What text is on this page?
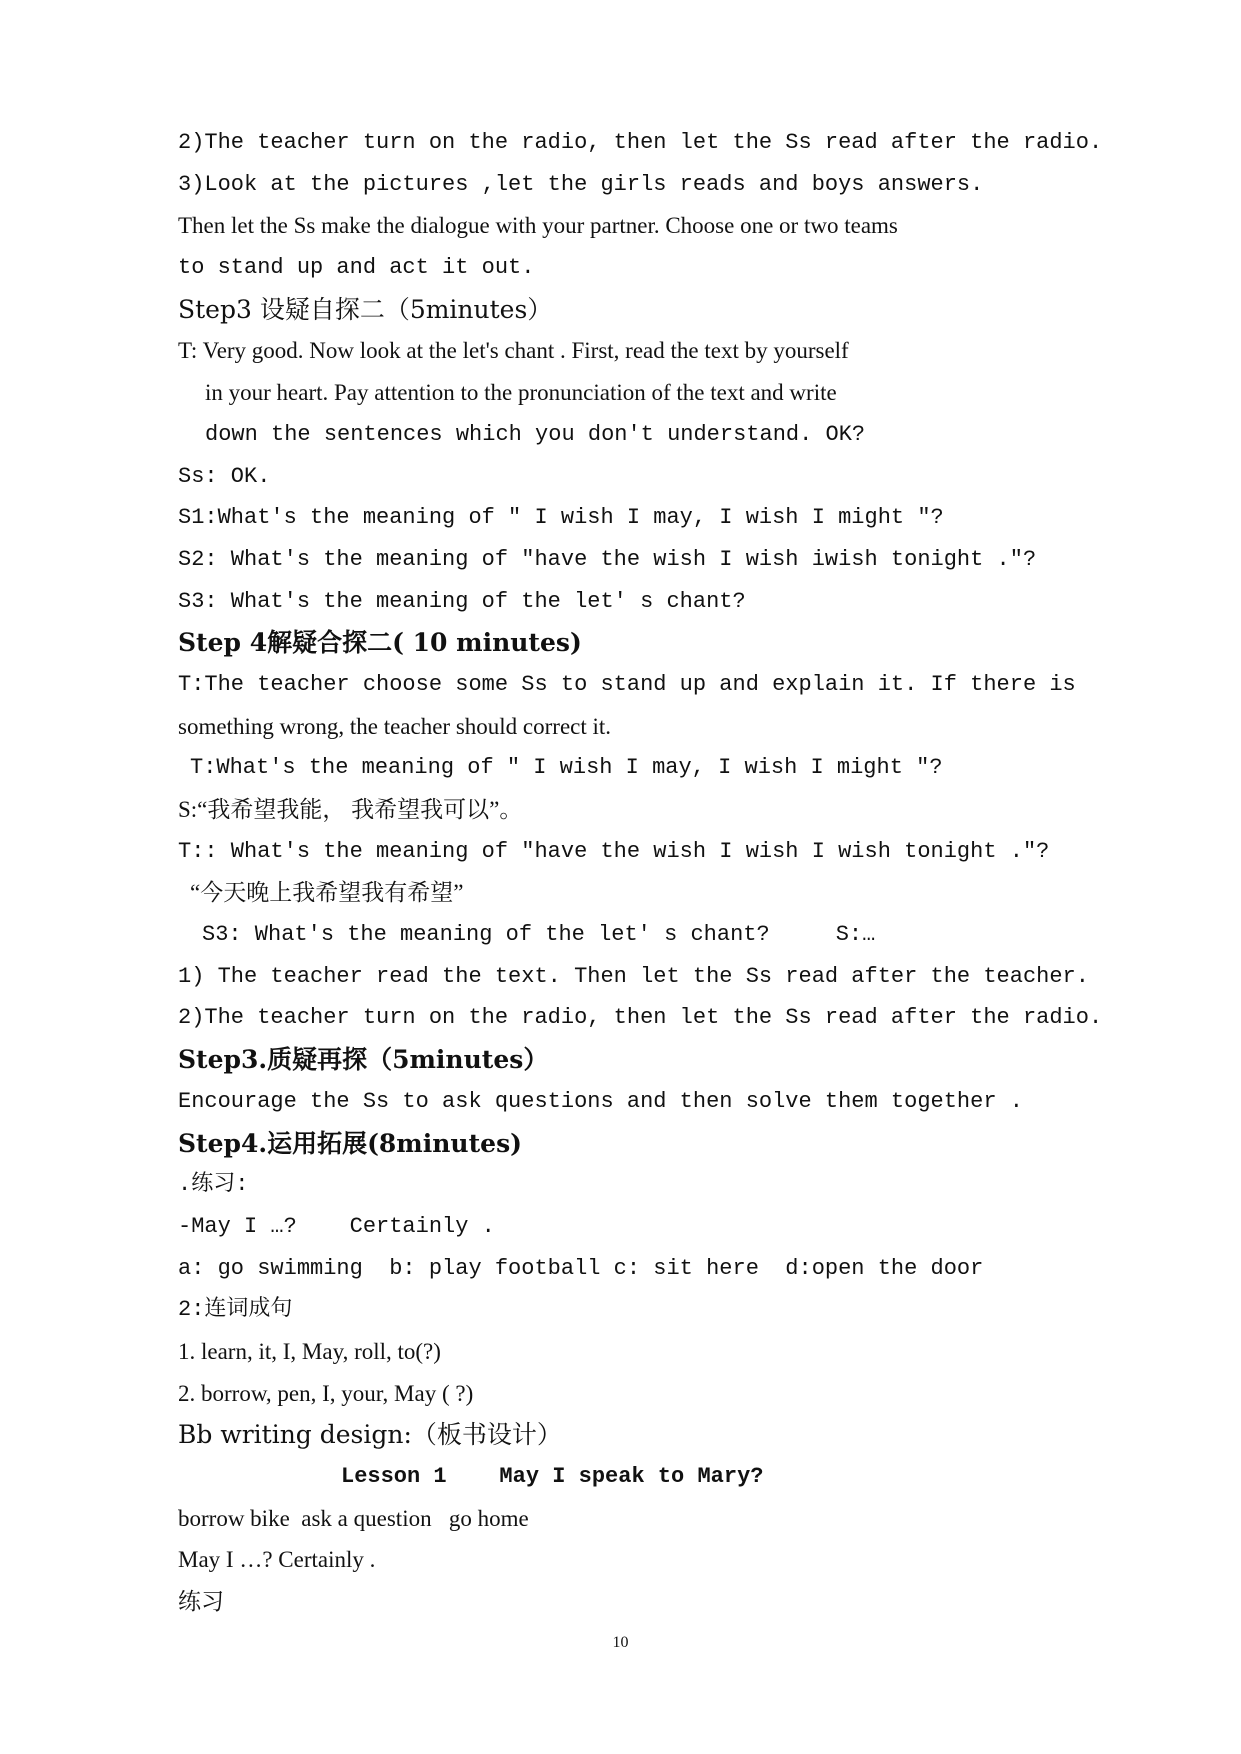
2)The teacher turn on the radio, then let the Ss read after the radio.
3)Look at the pictures ,let the girls reads and boys answers.
Then let the Ss make the dialogue with your partner. Choose one or two teams
to stand up and act it out.
Step3 设疑自探二（5minutes）
T: Very good. Now look at the let's chant . First, read the text by yourself
in your heart. Pay attention to the pronunciation of the text and write
down the sentences which you don't understand. OK?
Ss: OK.
S1:What's the meaning of " I wish I may, I wish I might "?
S2: What's the meaning of "have the wish I wish iwish tonight ."?
S3: What's the meaning of the let' s chant?
Step 4解疑合探二( 10 minutes)
T:The teacher choose some Ss to stand up and explain it. If there is
something wrong, the teacher should correct it.
T:What's the meaning of " I wish I may, I wish I might "?
S:“我希望我能， 我希望我可以”。
T:: What's the meaning of "have the wish I wish I wish tonight ."?
“今天晚上我希望我有希望”
S3: What's the meaning of the let' s chant?     S:…
1) The teacher read the text. Then let the Ss read after the teacher.
2)The teacher turn on the radio, then let the Ss read after the radio.
Step3.质疑再探（5minutes）
Encourage the Ss to ask questions and then solve them together .
Step4.运用拓展(8minutes)
.练习:
-May I …?    Certainly .
a: go swimming  b: play football c: sit here  d:open the door
2:连词成句
1. learn, it, I, May, roll, to(?)
2. borrow, pen, I, your, May ( ?)
Bb writing design:（板书设计）
Lesson 1    May I speak to Mary?
borrow bike  ask a question   go home
May I …? Certainly .
练习
10
